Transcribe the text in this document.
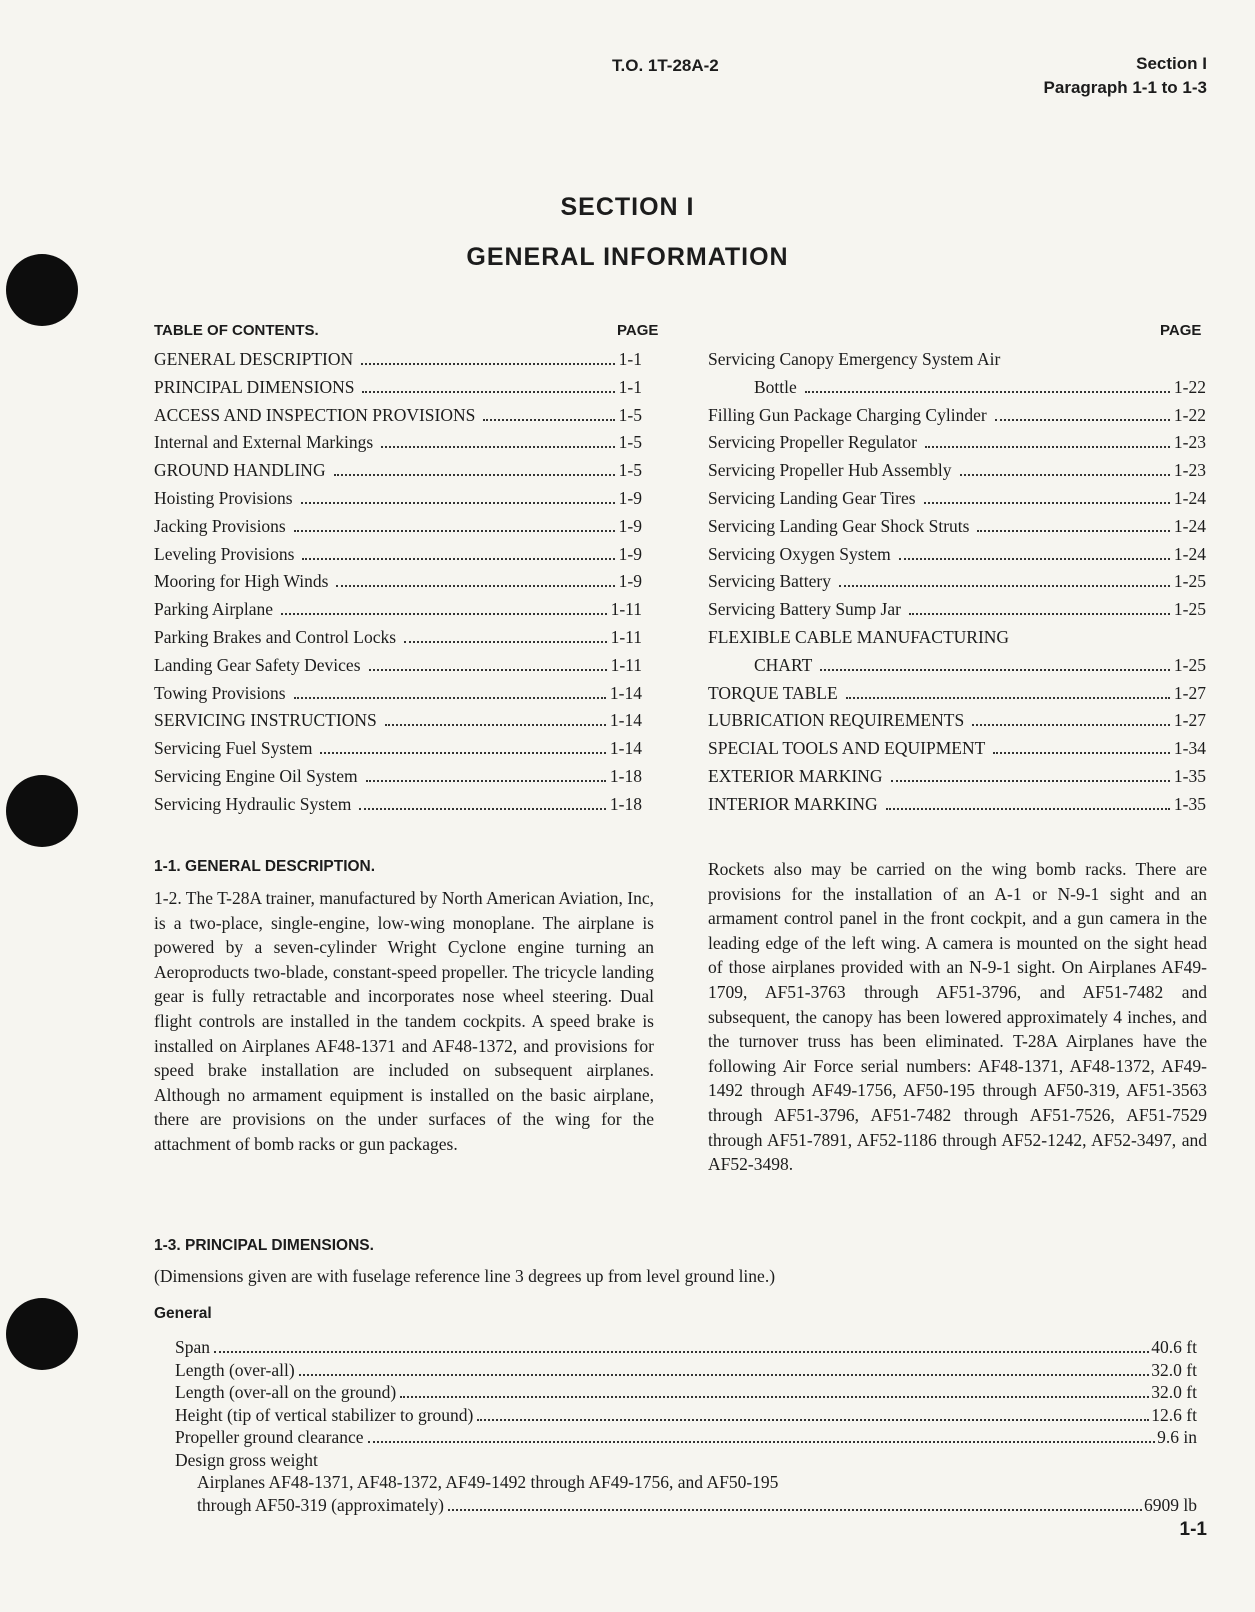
T.O. 1T-28A-2	Section I
Paragraph 1-1 to 1-3
SECTION I
GENERAL INFORMATION
TABLE OF CONTENTS.	PAGE	PAGE
GENERAL DESCRIPTION	1-1
PRINCIPAL DIMENSIONS	1-1
ACCESS AND INSPECTION PROVISIONS	1-5
Internal and External Markings	1-5
GROUND HANDLING	1-5
Hoisting Provisions	1-9
Jacking Provisions	1-9
Leveling Provisions	1-9
Mooring for High Winds	1-9
Parking Airplane	1-11
Parking Brakes and Control Locks	1-11
Landing Gear Safety Devices	1-11
Towing Provisions	1-14
SERVICING INSTRUCTIONS	1-14
Servicing Fuel System	1-14
Servicing Engine Oil System	1-18
Servicing Hydraulic System	1-18
Servicing Canopy Emergency System Air
Bottle	1-22
Filling Gun Package Charging Cylinder	1-22
Servicing Propeller Regulator	1-23
Servicing Propeller Hub Assembly	1-23
Servicing Landing Gear Tires	1-24
Servicing Landing Gear Shock Struts	1-24
Servicing Oxygen System	1-24
Servicing Battery	1-25
Servicing Battery Sump Jar	1-25
FLEXIBLE CABLE MANUFACTURING
CHART	1-25
TORQUE TABLE	1-27
LUBRICATION REQUIREMENTS	1-27
SPECIAL TOOLS AND EQUIPMENT	1-34
EXTERIOR MARKING	1-35
INTERIOR MARKING	1-35
1-1. GENERAL DESCRIPTION.
1-2. The T-28A trainer, manufactured by North American Aviation, Inc, is a two-place, single-engine, low-wing monoplane. The airplane is powered by a seven-cylinder Wright Cyclone engine turning an Aeroproducts two-blade, constant-speed propeller. The tricycle landing gear is fully retractable and incorporates nose wheel steering. Dual flight controls are installed in the tandem cockpits. A speed brake is installed on Airplanes AF48-1371 and AF48-1372, and provisions for speed brake installation are included on subsequent airplanes. Although no armament equipment is installed on the basic airplane, there are provisions on the under surfaces of the wing for the attachment of bomb racks or gun packages.
Rockets also may be carried on the wing bomb racks. There are provisions for the installation of an A-1 or N-9-1 sight and an armament control panel in the front cockpit, and a gun camera in the leading edge of the left wing. A camera is mounted on the sight head of those airplanes provided with an N-9-1 sight. On Airplanes AF49-1709, AF51-3763 through AF51-3796, and AF51-7482 and subsequent, the canopy has been lowered approximately 4 inches, and the turnover truss has been eliminated. T-28A Airplanes have the following Air Force serial numbers: AF48-1371, AF48-1372, AF49-1492 through AF49-1756, AF50-195 through AF50-319, AF51-3563 through AF51-3796, AF51-7482 through AF51-7526, AF51-7529 through AF51-7891, AF52-1186 through AF52-1242, AF52-3497, and AF52-3498.
1-3. PRINCIPAL DIMENSIONS.
(Dimensions given are with fuselage reference line 3 degrees up from level ground line.)
General
Span	40.6 ft
Length (over-all)	32.0 ft
Length (over-all on the ground)	32.0 ft
Height (tip of vertical stabilizer to ground)	12.6 ft
Propeller ground clearance	9.6 in
Design gross weight
Airplanes AF48-1371, AF48-1372, AF49-1492 through AF49-1756, and AF50-195
through AF50-319 (approximately)	6909 lb
1-1
